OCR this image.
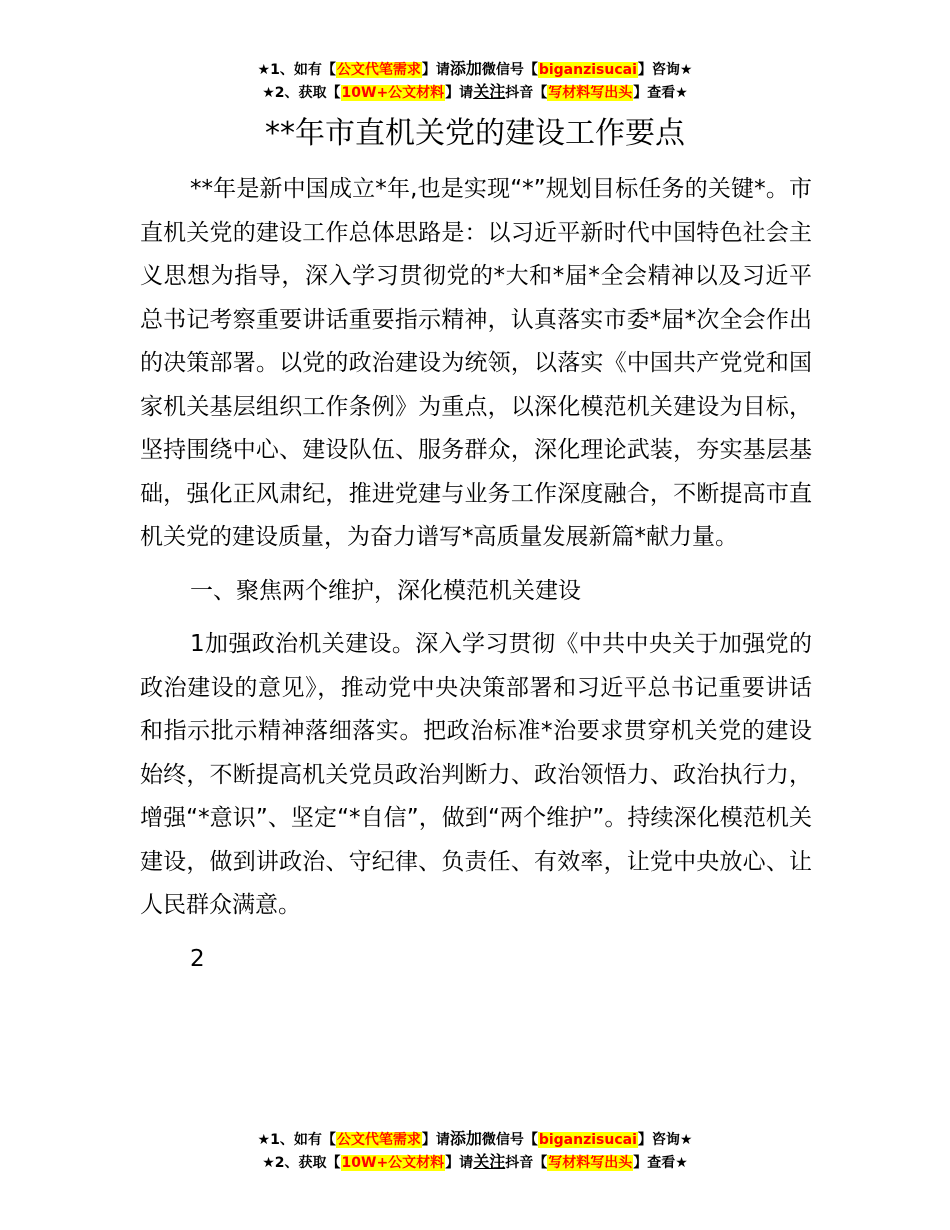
★1、如有【公文代笔需求】请添加微信号【biganzisucai】咨询★
★2、获取【10W+公文材料】请关注抖音【写材料写出头】查看★
**年市直机关党的建设工作要点

**年是新中国成立*年,也是实现“*”规划目标任务的关键*。市直机关党的建设工作总体思路是：以习近平新时代中国特色社会主义思想为指导，深入学习贯彻党的*大和*届*全会精神以及习近平总书记考察重要讲话重要指示精神，认真落实市委*届*次全会作出的决策部署。以党的政治建设为统领，以落实《中国共产党党和国家机关基层组织工作条例》为重点，以深化模范机关建设为目标，坚持围绕中心、建设队伍、服务群众，深化理论武装，夯实基层基础，强化正风肃纪，推进党建与业务工作深度融合，不断提高市直机关党的建设质量，为奋力谱写*高质量发展新篇*献力量。

一、聚焦两个维护，深化模范机关建设

1加强政治机关建设。深入学习贯彻《中共中央关于加强党的政治建设的意见》，推动党中央决策部署和习近平总书记重要讲话和指示批示精神落细落实。把政治标准*治要求贯穿机关党的建设始终，不断提高机关党员政治判断力、政治领悟力、政治执行力，增强“*意识”、坚定“*自信”，做到“两个维护”。持续深化模范机关建设，做到讲政治、守纪律、负责任、有效率，让党中央放心、让人民群众满意。

2

★1、如有【公文代笔需求】请添加微信号【biganzisucai】咨询★
★2、获取【10W+公文材料】请关注抖音【写材料写出头】查看★
